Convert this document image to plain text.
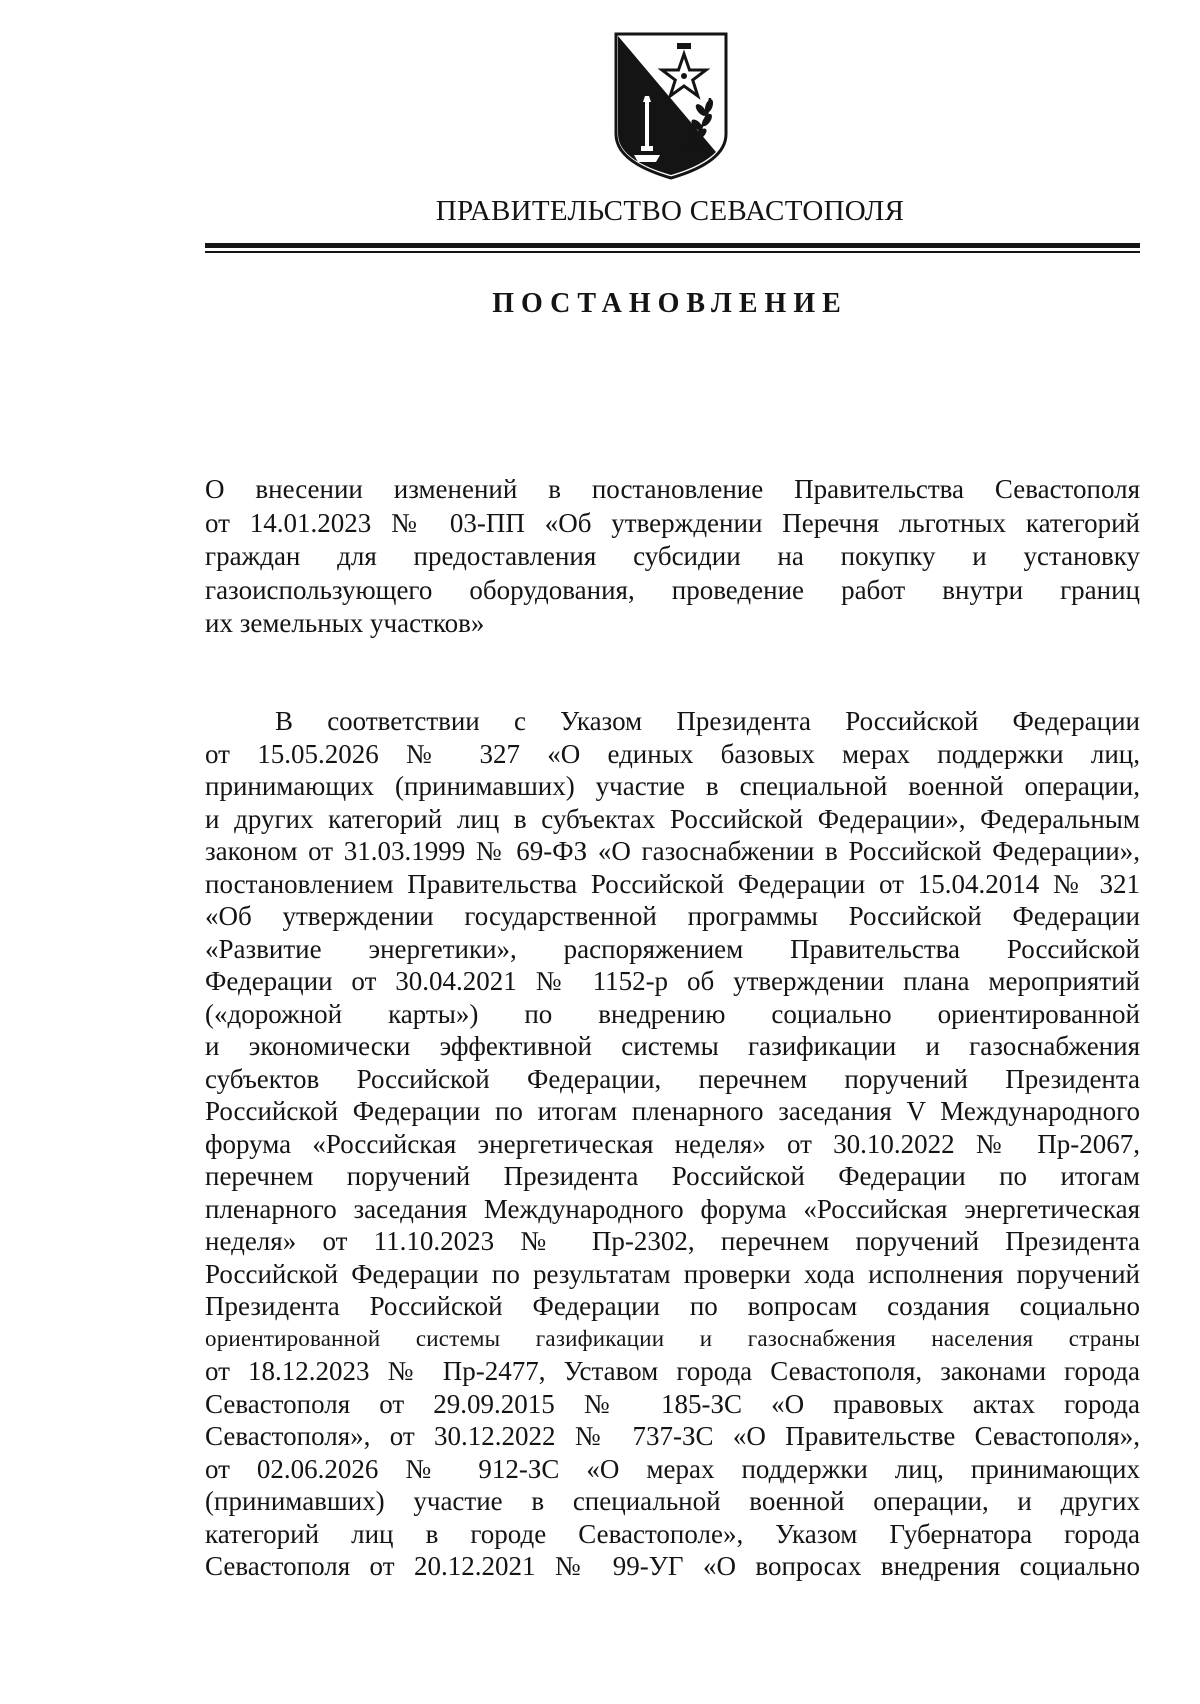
ПРАВИТЕЛЬСТВО СЕВАСТОПОЛЯ
ПОСТАНОВЛЕНИЕ
О внесении изменений в постановление Правительства Севастополя
от 14.01.2023 № 03-ПП «Об утверждении Перечня льготных категорий
граждан для предоставления субсидии на покупку и установку
газоиспользующего оборудования, проведение работ внутри границ
их земельных участков»
В соответствии с Указом Президента Российской Федерации
от 15.05.2026 № 327 «О единых базовых мерах поддержки лиц,
принимающих (принимавших) участие в специальной военной операции,
и других категорий лиц в субъектах Российской Федерации», Федеральным
законом от 31.03.1999 № 69-ФЗ «О газоснабжении в Российской Федерации»,
постановлением Правительства Российской Федерации от 15.04.2014 № 321
«Об утверждении государственной программы Российской Федерации
«Развитие энергетики», распоряжением Правительства Российской
Федерации от 30.04.2021 № 1152-р об утверждении плана мероприятий
(«дорожной карты») по внедрению социально ориентированной
и экономически эффективной системы газификации и газоснабжения
субъектов Российской Федерации, перечнем поручений Президента
Российской Федерации по итогам пленарного заседания V Международного
форума «Российская энергетическая неделя» от 30.10.2022 № Пр-2067,
перечнем поручений Президента Российской Федерации по итогам
пленарного заседания Международного форума «Российская энергетическая
неделя» от 11.10.2023 № Пр-2302, перечнем поручений Президента
Российской Федерации по результатам проверки хода исполнения поручений
Президента Российской Федерации по вопросам создания социально
ориентированной системы газификации и газоснабжения населения страны
от 18.12.2023 № Пр-2477, Уставом города Севастополя, законами города
Севастополя от 29.09.2015 № 185-ЗС «О правовых актах города
Севастополя», от 30.12.2022 № 737-ЗС «О Правительстве Севастополя»,
от 02.06.2026 № 912-ЗС «О мерах поддержки лиц, принимающих
(принимавших) участие в специальной военной операции, и других
категорий лиц в городе Севастополе», Указом Губернатора города
Севастополя от 20.12.2021 № 99-УГ «О вопросах внедрения социально
